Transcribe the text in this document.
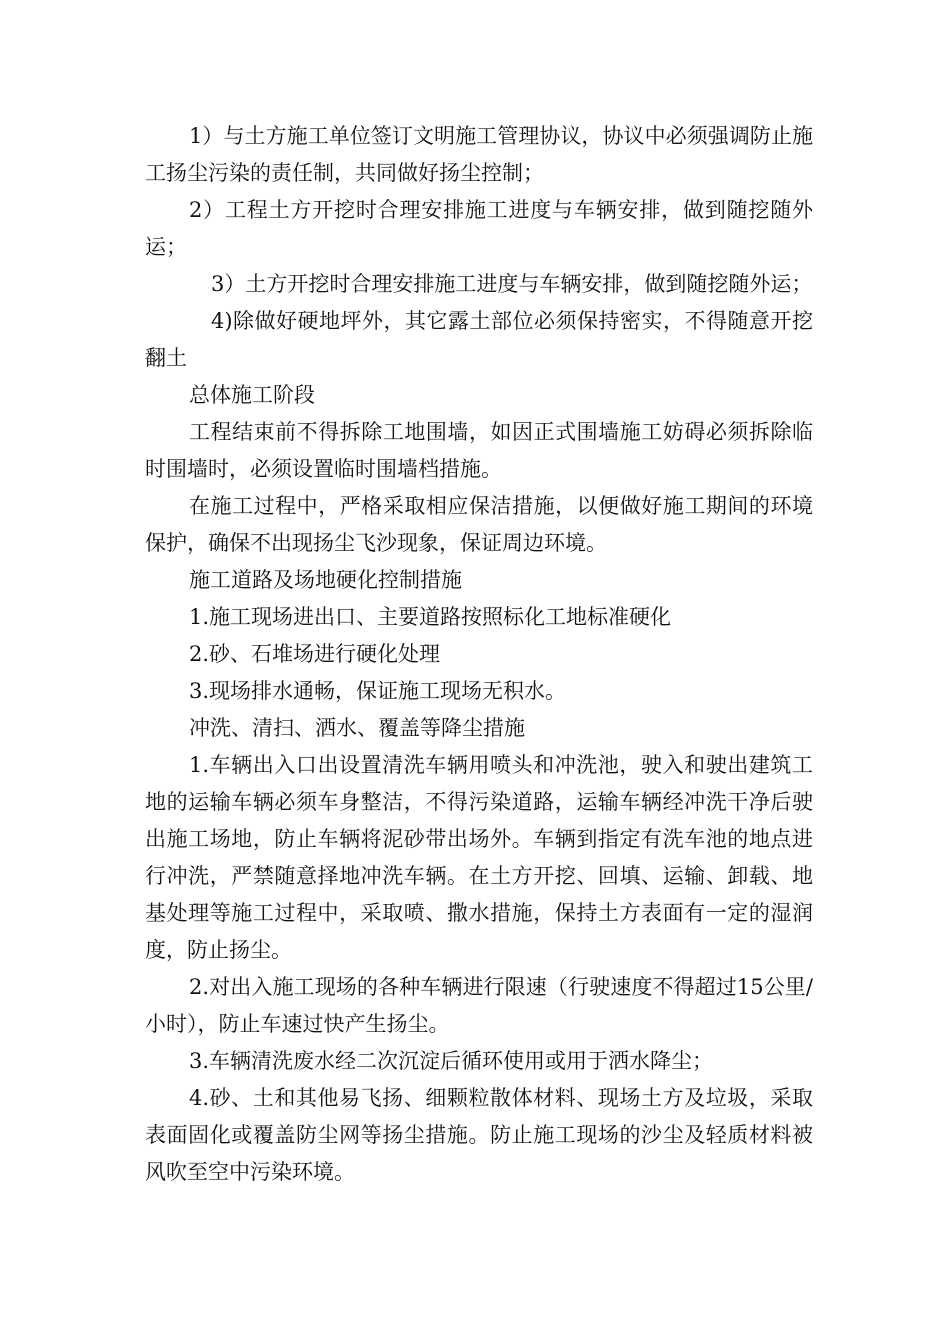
1）与土方施工单位签订文明施工管理协议，协议中必须强调防止施工扬尘污染的责任制，共同做好扬尘控制；

2）工程土方开挖时合理安排施工进度与车辆安排，做到随挖随外运；

3）土方开挖时合理安排施工进度与车辆安排，做到随挖随外运；

4)除做好硬地坪外，其它露土部位必须保持密实，不得随意开挖翻土

总体施工阶段

工程结束前不得拆除工地围墙，如因正式围墙施工妨碍必须拆除临时围墙时，必须设置临时围墙档措施。

在施工过程中，严格采取相应保洁措施，以便做好施工期间的环境保护，确保不出现扬尘飞沙现象，保证周边环境。

施工道路及场地硬化控制措施

1.施工现场进出口、主要道路按照标化工地标准硬化

2.砂、石堆场进行硬化处理

3.现场排水通畅，保证施工现场无积水。

冲洗、清扫、洒水、覆盖等降尘措施

1.车辆出入口出设置清洗车辆用喷头和冲洗池，驶入和驶出建筑工地的运输车辆必须车身整洁，不得污染道路，运输车辆经冲洗干净后驶出施工场地，防止车辆将泥砂带出场外。车辆到指定有洗车池的地点进行冲洗，严禁随意择地冲洗车辆。在土方开挖、回填、运输、卸载、地基处理等施工过程中，采取喷、撒水措施，保持土方表面有一定的湿润度，防止扬尘。

2.对出入施工现场的各种车辆进行限速（行驶速度不得超过15公里/小时），防止车速过快产生扬尘。

3.车辆清洗废水经二次沉淀后循环使用或用于洒水降尘；

4.砂、土和其他易飞扬、细颗粒散体材料、现场土方及垃圾，采取表面固化或覆盖防尘网等扬尘措施。防止施工现场的沙尘及轻质材料被风吹至空中污染环境。
